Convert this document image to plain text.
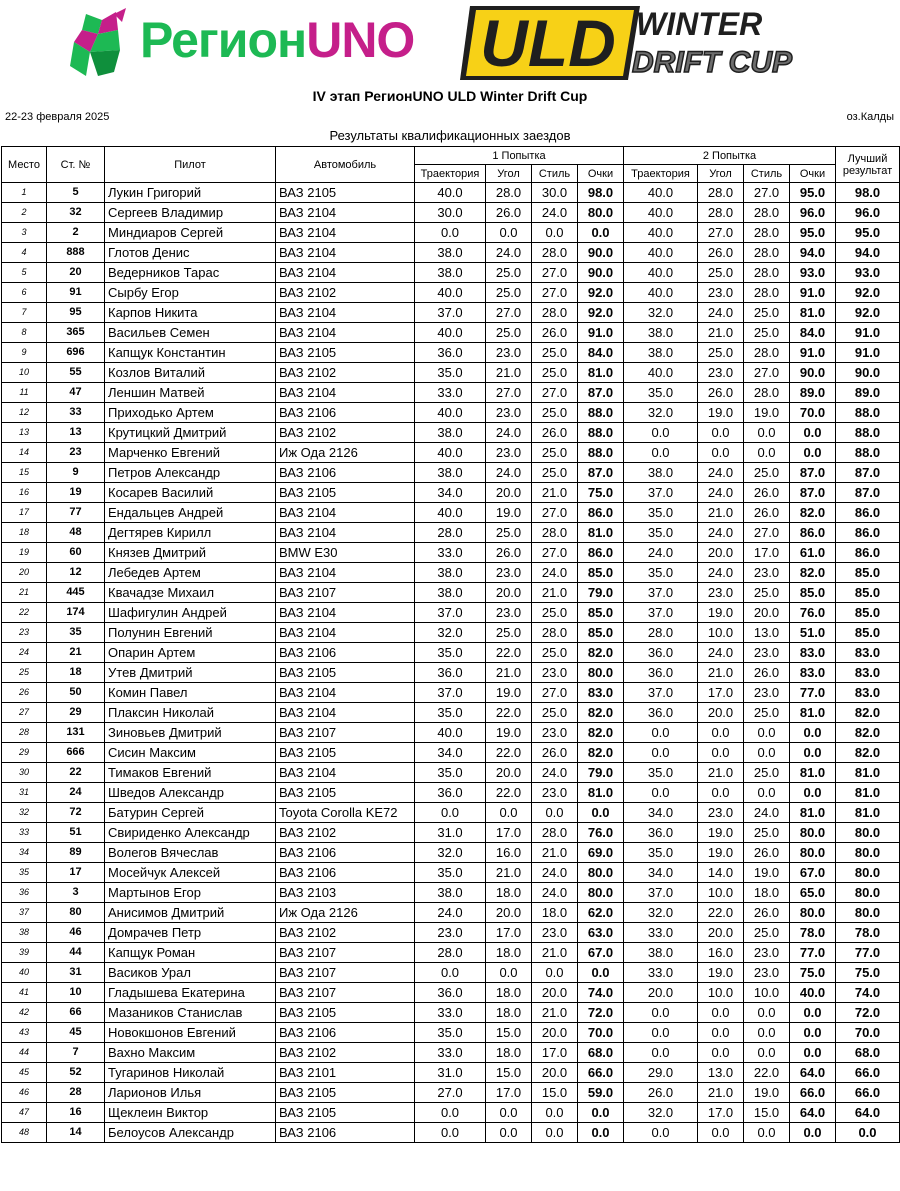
РегионUNO ULD WINTER
DRIFT CUP
IV этап РегионUNO ULD Winter Drift Cup
22-23 февраля 2025	оз.Калды
Результаты квалификационных заездов
Место	Ст. №	Пилот	Автомобиль	1 Попытка				2 Попытка				Лучший
результат

				Траектория	Угол	Стиль	Очки	Траектория	Угол	Стиль	Очки	
1	5	Лукин Григорий	ВАЗ 2105	40.0	28.0	30.0	98.0	40.0	28.0	27.0	95.0	98.0
2	32	Сергеев Владимир	ВАЗ 2104	30.0	26.0	24.0	80.0	40.0	28.0	28.0	96.0	96.0
3	2	Миндиаров Сергей	ВАЗ 2104	0.0	0.0	0.0	0.0	40.0	27.0	28.0	95.0	95.0
4	888	Глотов Денис	ВАЗ 2104	38.0	24.0	28.0	90.0	40.0	26.0	28.0	94.0	94.0
5	20	Ведерников Тарас	ВАЗ 2104	38.0	25.0	27.0	90.0	40.0	25.0	28.0	93.0	93.0
6	91	Сырбу Егор	ВАЗ 2102	40.0	25.0	27.0	92.0	40.0	23.0	28.0	91.0	92.0
7	95	Карпов Никита	ВАЗ 2104	37.0	27.0	28.0	92.0	32.0	24.0	25.0	81.0	92.0
8	365	Васильев Семен	ВАЗ 2104	40.0	25.0	26.0	91.0	38.0	21.0	25.0	84.0	91.0
9	696	Капщук Константин	ВАЗ 2105	36.0	23.0	25.0	84.0	38.0	25.0	28.0	91.0	91.0
10	55	Козлов Виталий	ВАЗ 2102	35.0	21.0	25.0	81.0	40.0	23.0	27.0	90.0	90.0
11	47	Леншин Матвей	ВАЗ 2104	33.0	27.0	27.0	87.0	35.0	26.0	28.0	89.0	89.0
12	33	Приходько Артем	ВАЗ 2106	40.0	23.0	25.0	88.0	32.0	19.0	19.0	70.0	88.0
13	13	Крутицкий Дмитрий	ВАЗ 2102	38.0	24.0	26.0	88.0	0.0	0.0	0.0	0.0	88.0
14	23	Марченко Евгений	Иж Ода 2126	40.0	23.0	25.0	88.0	0.0	0.0	0.0	0.0	88.0
15	9	Петров Александр	ВАЗ 2106	38.0	24.0	25.0	87.0	38.0	24.0	25.0	87.0	87.0
16	19	Косарев Василий	ВАЗ 2105	34.0	20.0	21.0	75.0	37.0	24.0	26.0	87.0	87.0
17	77	Ендальцев Андрей	ВАЗ 2104	40.0	19.0	27.0	86.0	35.0	21.0	26.0	82.0	86.0
18	48	Дегтярев Кирилл	ВАЗ 2104	28.0	25.0	28.0	81.0	35.0	24.0	27.0	86.0	86.0
19	60	Князев Дмитрий	BMW E30	33.0	26.0	27.0	86.0	24.0	20.0	17.0	61.0	86.0
20	12	Лебедев Артем	ВАЗ 2104	38.0	23.0	24.0	85.0	35.0	24.0	23.0	82.0	85.0
21	445	Квачадзе Михаил	ВАЗ 2107	38.0	20.0	21.0	79.0	37.0	23.0	25.0	85.0	85.0
22	174	Шафигулин Андрей	ВАЗ 2104	37.0	23.0	25.0	85.0	37.0	19.0	20.0	76.0	85.0
23	35	Полунин Евгений	ВАЗ 2104	32.0	25.0	28.0	85.0	28.0	10.0	13.0	51.0	85.0
24	21	Опарин Артем	ВАЗ 2106	35.0	22.0	25.0	82.0	36.0	24.0	23.0	83.0	83.0
25	18	Утев Дмитрий	ВАЗ 2105	36.0	21.0	23.0	80.0	36.0	21.0	26.0	83.0	83.0
26	50	Комин Павел	ВАЗ 2104	37.0	19.0	27.0	83.0	37.0	17.0	23.0	77.0	83.0
27	29	Плаксин Николай	ВАЗ 2104	35.0	22.0	25.0	82.0	36.0	20.0	25.0	81.0	82.0
28	131	Зиновьев Дмитрий	ВАЗ 2107	40.0	19.0	23.0	82.0	0.0	0.0	0.0	0.0	82.0
29	666	Сисин Максим	ВАЗ 2105	34.0	22.0	26.0	82.0	0.0	0.0	0.0	0.0	82.0
30	22	Тимаков Евгений	ВАЗ 2104	35.0	20.0	24.0	79.0	35.0	21.0	25.0	81.0	81.0
31	24	Шведов Александр	ВАЗ 2105	36.0	22.0	23.0	81.0	0.0	0.0	0.0	0.0	81.0
32	72	Батурин Сергей	Toyota Corolla KE72	0.0	0.0	0.0	0.0	34.0	23.0	24.0	81.0	81.0
33	51	Свириденко Александр	ВАЗ 2102	31.0	17.0	28.0	76.0	36.0	19.0	25.0	80.0	80.0
34	89	Волегов Вячеслав	ВАЗ 2106	32.0	16.0	21.0	69.0	35.0	19.0	26.0	80.0	80.0
35	17	Мосейчук Алексей	ВАЗ 2106	35.0	21.0	24.0	80.0	34.0	14.0	19.0	67.0	80.0
36	3	Мартынов Егор	ВАЗ 2103	38.0	18.0	24.0	80.0	37.0	10.0	18.0	65.0	80.0
37	80	Анисимов Дмитрий	Иж Ода 2126	24.0	20.0	18.0	62.0	32.0	22.0	26.0	80.0	80.0
38	46	Домрачев Петр	ВАЗ 2102	23.0	17.0	23.0	63.0	33.0	20.0	25.0	78.0	78.0
39	44	Капщук Роман	ВАЗ 2107	28.0	18.0	21.0	67.0	38.0	16.0	23.0	77.0	77.0
40	31	Васиков Урал	ВАЗ 2107	0.0	0.0	0.0	0.0	33.0	19.0	23.0	75.0	75.0
41	10	Гладышева Екатерина	ВАЗ 2107	36.0	18.0	20.0	74.0	20.0	10.0	10.0	40.0	74.0
42	66	Мазаников Станислав	ВАЗ 2105	33.0	18.0	21.0	72.0	0.0	0.0	0.0	0.0	72.0
43	45	Новокшонов Евгений	ВАЗ 2106	35.0	15.0	20.0	70.0	0.0	0.0	0.0	0.0	70.0
44	7	Вахно Максим	ВАЗ 2102	33.0	18.0	17.0	68.0	0.0	0.0	0.0	0.0	68.0
45	52	Тугаринов Николай	ВАЗ 2101	31.0	15.0	20.0	66.0	29.0	13.0	22.0	64.0	66.0
46	28	Ларионов Илья	ВАЗ 2105	27.0	17.0	15.0	59.0	26.0	21.0	19.0	66.0	66.0
47	16	Щеклеин Виктор	ВАЗ 2105	0.0	0.0	0.0	0.0	32.0	17.0	15.0	64.0	64.0
48	14	Белоусов Александр	ВАЗ 2106	0.0	0.0	0.0	0.0	0.0	0.0	0.0	0.0	0.0
